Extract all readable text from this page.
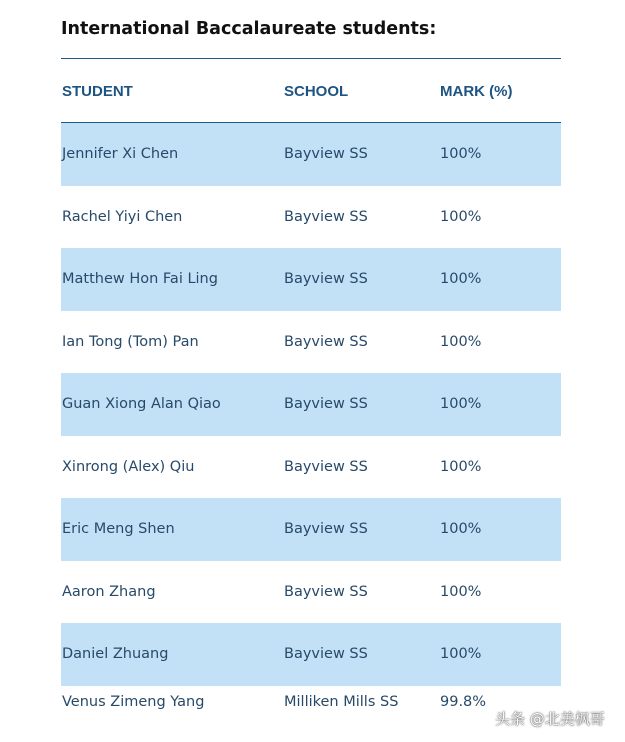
International Baccalaureate students:
STUDENT	SCHOOL	MARK (%)
Jennifer Xi Chen	Bayview SS	100%
Rachel Yiyi Chen	Bayview SS	100%
Matthew Hon Fai Ling	Bayview SS	100%
Ian Tong (Tom) Pan	Bayview SS	100%
Guan Xiong Alan Qiao	Bayview SS	100%
Xinrong (Alex) Qiu	Bayview SS	100%
Eric Meng Shen	Bayview SS	100%
Aaron Zhang	Bayview SS	100%
Daniel Zhuang	Bayview SS	100%
Venus Zimeng Yang	Milliken Mills SS	99.8%
头条 @北美枫哥
